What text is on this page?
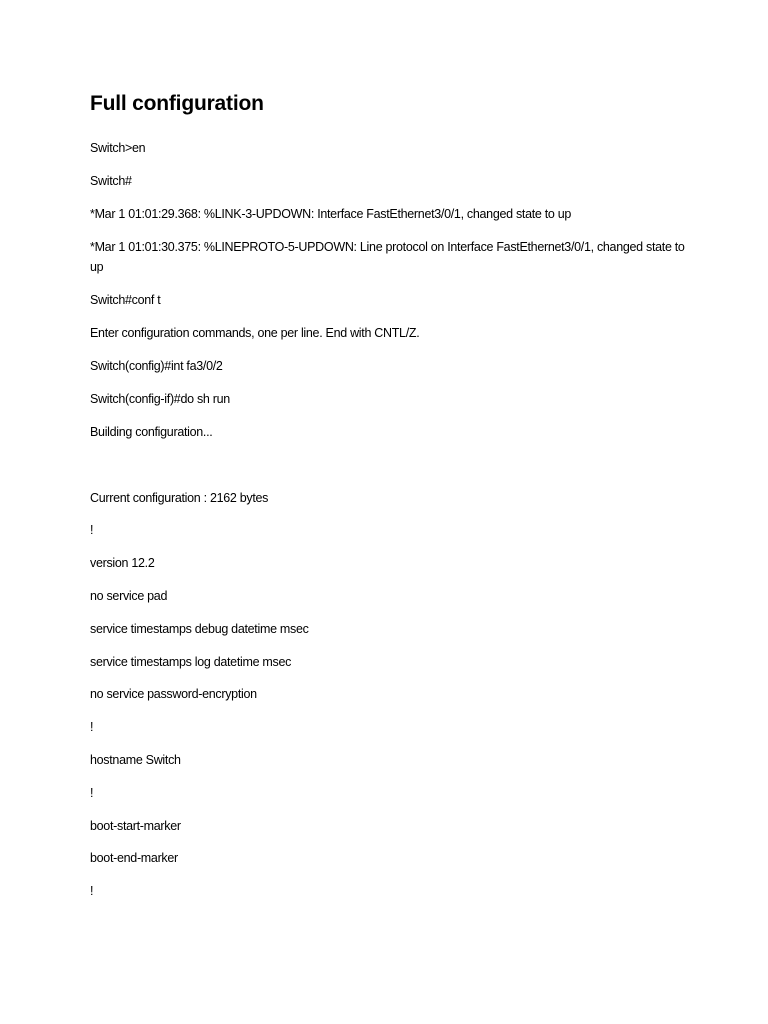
Full configuration
Switch>en
Switch#
*Mar 1 01:01:29.368: %LINK-3-UPDOWN: Interface FastEthernet3/0/1, changed state to up
*Mar 1 01:01:30.375: %LINEPROTO-5-UPDOWN: Line protocol on Interface FastEthernet3/0/1, changed state to up
Switch#conf t
Enter configuration commands, one per line. End with CNTL/Z.
Switch(config)#int fa3/0/2
Switch(config-if)#do sh run
Building configuration...
Current configuration : 2162 bytes
!
version 12.2
no service pad
service timestamps debug datetime msec
service timestamps log datetime msec
no service password-encryption
!
hostname Switch
!
boot-start-marker
boot-end-marker
!
